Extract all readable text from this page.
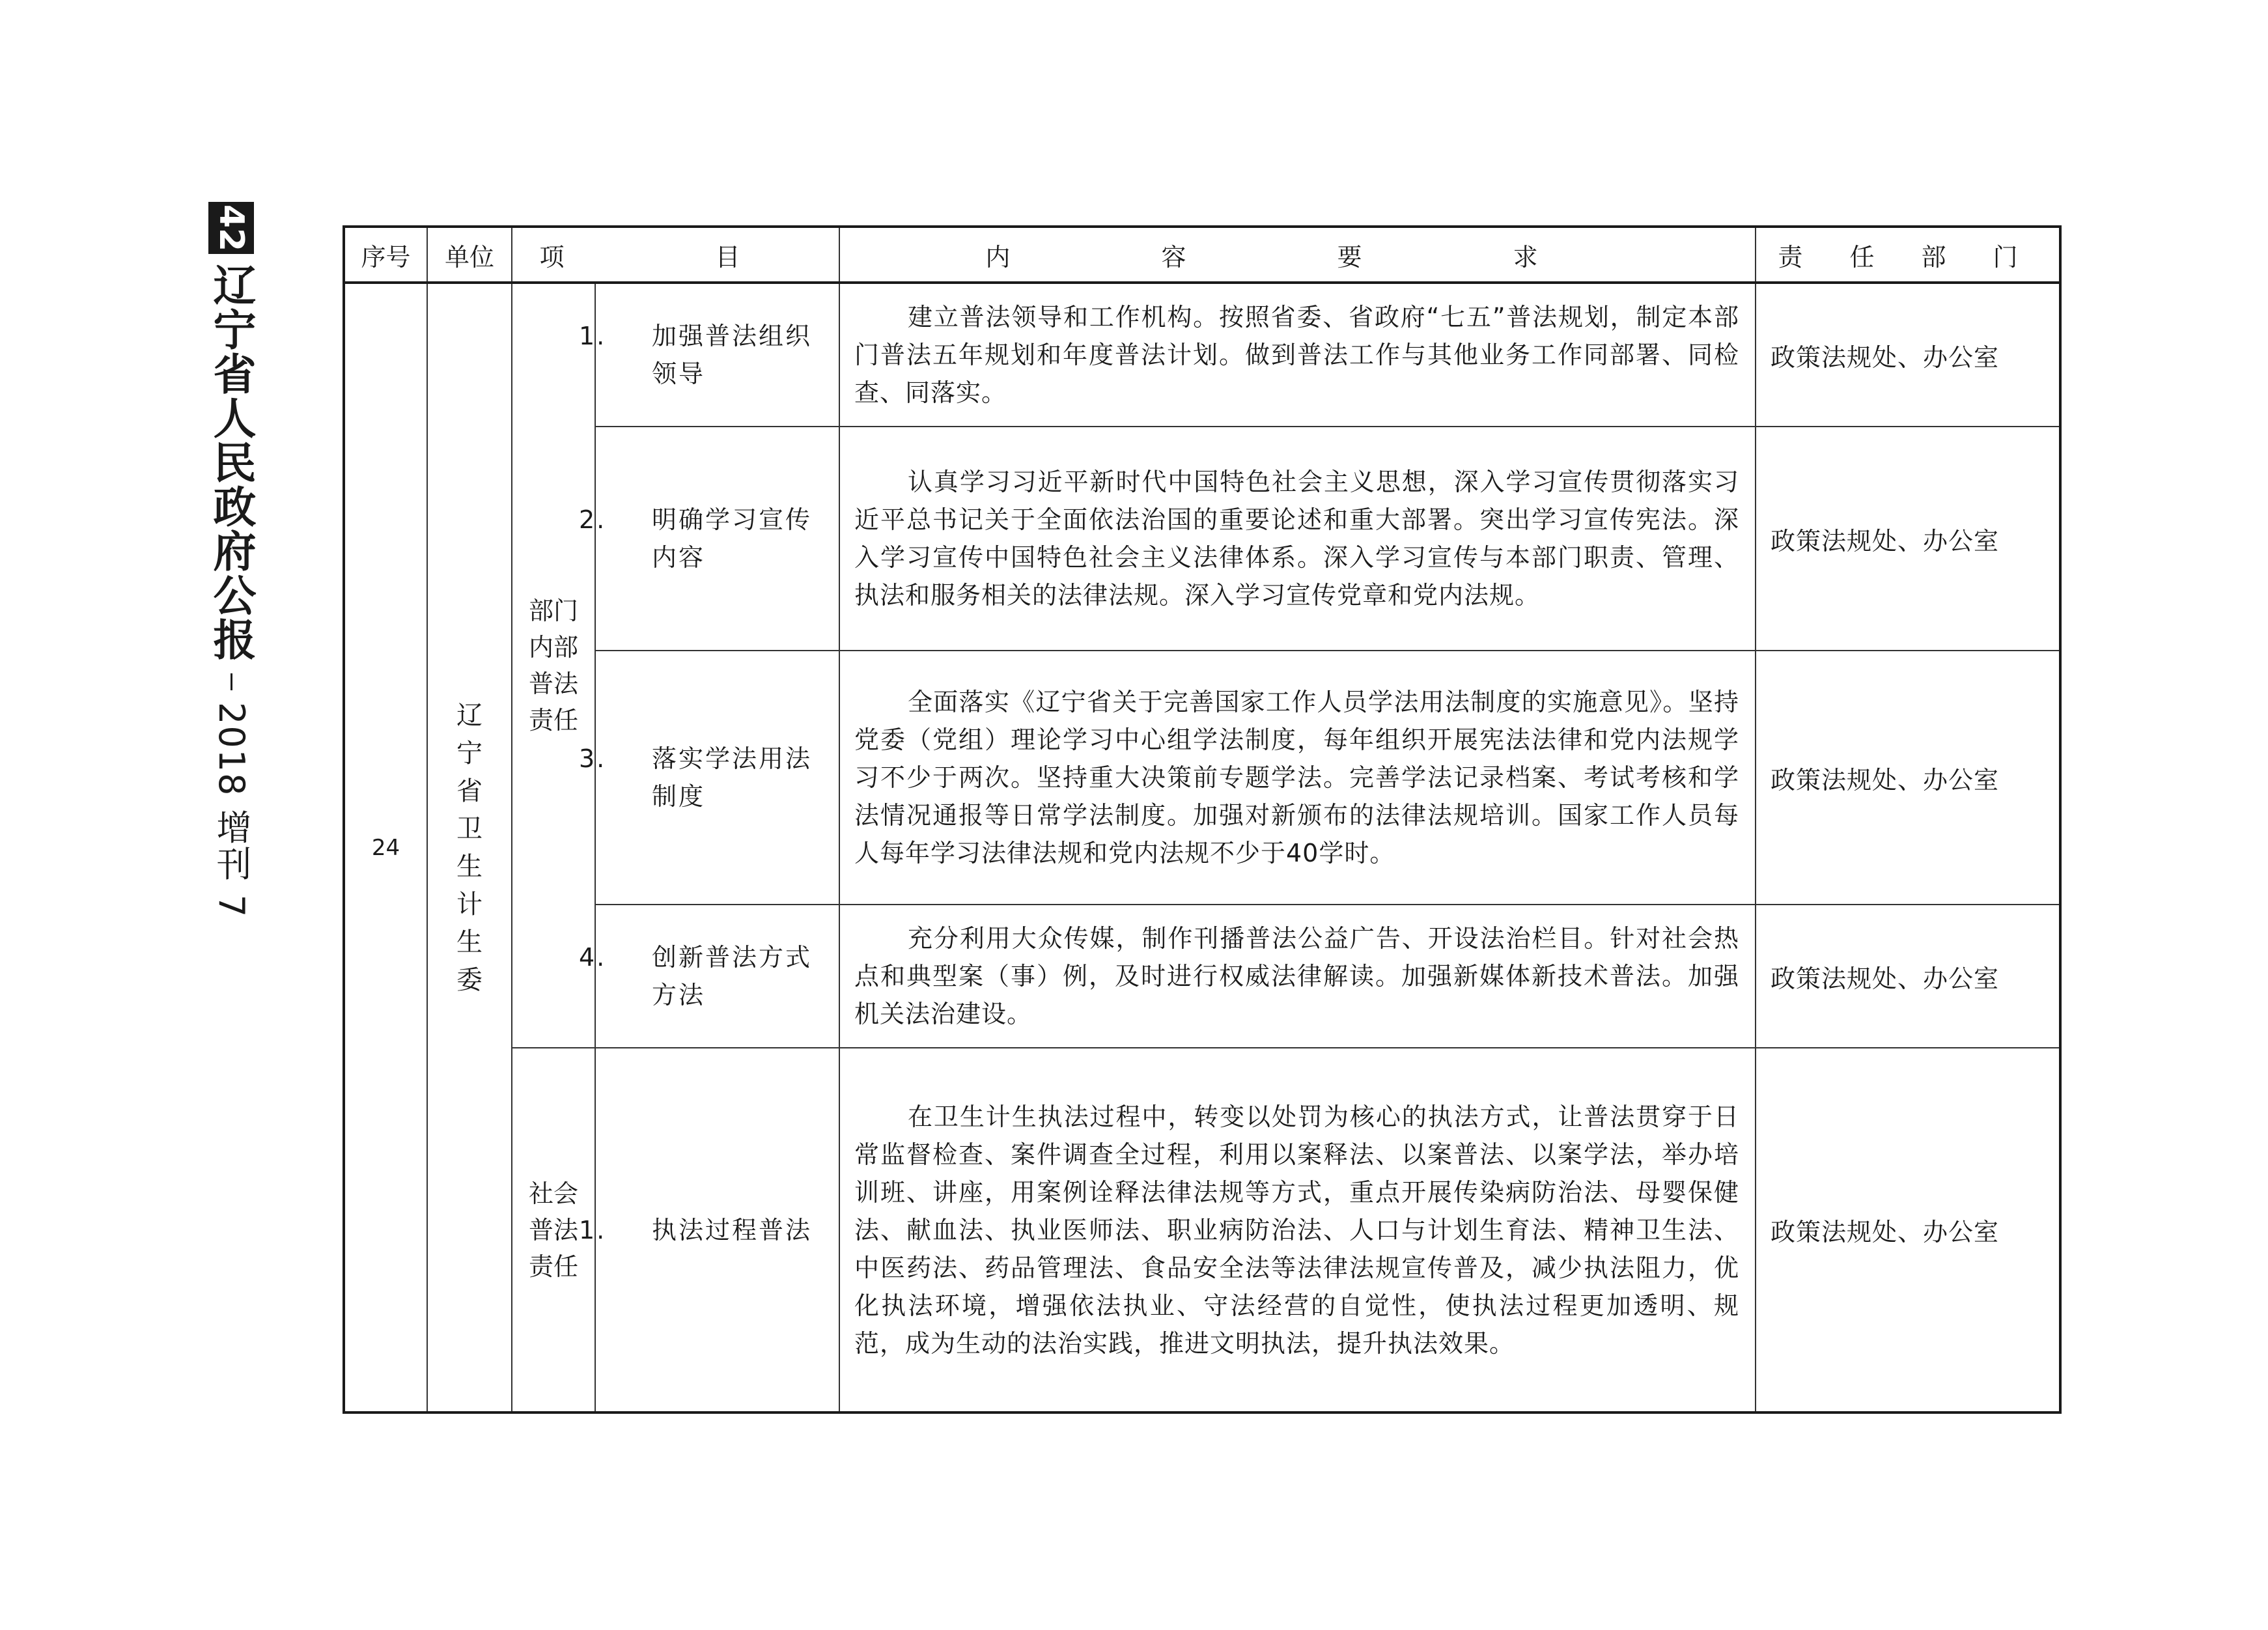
42
辽宁省人民政府公报
2018 增刊 7
序号	单位	项 目		内 容 要 求	责 任 部 门
24	辽宁省卫生计生委	部门内部普法责任	1. 加强普法组织领导	建立普法领导和工作机构。按照省委、省政府“七五”普法规划，制定本部门普法五年规划和年度普法计划。做到普法工作与其他业务工作同部署、同检查、同落实。	政策法规处、办公室

			2. 明确学习宣传内容	认真学习习近平新时代中国特色社会主义思想，深入学习宣传贯彻落实习近平总书记关于全面依法治国的重要论述和重大部署。突出学习宣传宪法。深入学习宣传中国特色社会主义法律体系。深入学习宣传与本部门职责、管理、执法和服务相关的法律法规。深入学习宣传党章和党内法规。	政策法规处、办公室

			3. 落实学法用法制度	全面落实《辽宁省关于完善国家工作人员学法用法制度的实施意见》。坚持党委（党组）理论学习中心组学法制度，每年组织开展宪法法律和党内法规学习不少于两次。坚持重大决策前专题学法。完善学法记录档案、考试考核和学法情况通报等日常学法制度。加强对新颁布的法律法规培训。国家工作人员每人每年学习法律法规和党内法规不少于40学时。	政策法规处、办公室

			4. 创新普法方式方法	充分利用大众传媒，制作刊播普法公益广告、开设法治栏目。针对社会热点和典型案（事）例，及时进行权威法律解读。加强新媒体新技术普法。加强机关法治建设。	政策法规处、办公室
		社会普法责任	1. 执法过程普法	在卫生计生执法过程中，转变以处罚为核心的执法方式，让普法贯穿于日常监督检查、案件调查全过程，利用以案释法、以案普法、以案学法，举办培训班、讲座，用案例诠释法律法规等方式，重点开展传染病防治法、母婴保健法、献血法、执业医师法、职业病防治法、人口与计划生育法、精神卫生法、中医药法、药品管理法、食品安全法等法律法规宣传普及，减少执法阻力，优化执法环境，增强依法执业、守法经营的自觉性，使执法过程更加透明、规范，成为生动的法治实践，推进文明执法，提升执法效果。	政策法规处、办公室
